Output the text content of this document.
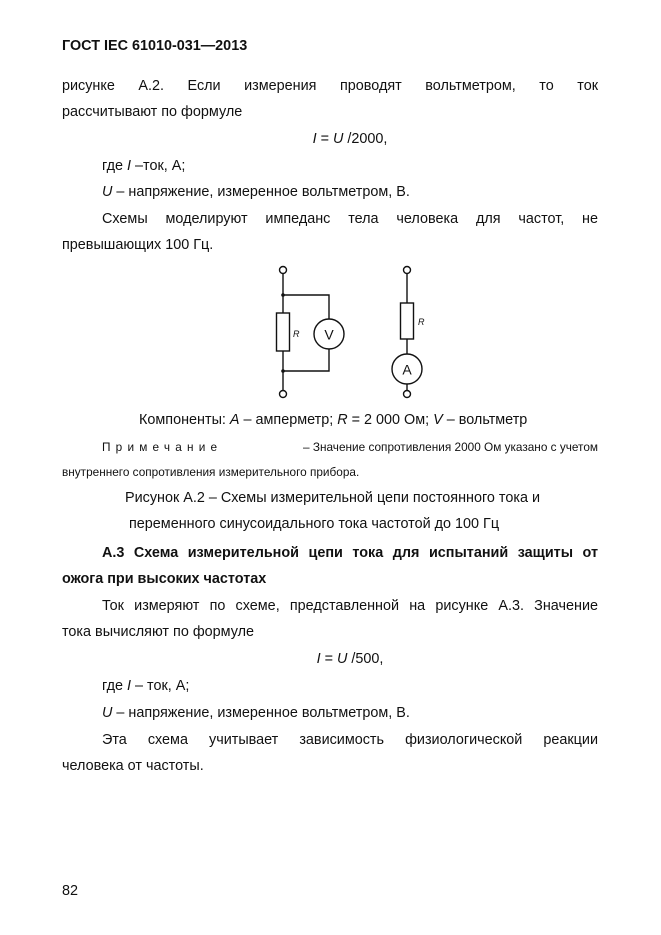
ГОСТ IEC 61010-031—2013
рисунке А.2. Если измерения проводят вольтметром, то ток
рассчитывают по формуле
I = U /2000,
где I –ток, А;
U – напряжение, измеренное вольтметром, В.
Схемы моделируют импеданс тела человека для частот, не
превышающих 100 Гц.
R V
R
A
Компоненты: А – амперметр; R = 2 000 Ом; V – вольтметр
Примечание	– Значение сопротивления 2000 Ом указано с учетом
внутреннего сопротивления измерительного прибора.
Рисунок А.2 – Схемы измерительной цепи постоянного тока и
переменного синусоидального тока частотой до 100 Гц
А.3 Схема измерительной цепи тока для испытаний защиты от
ожога при высоких частотах
Ток измеряют по схеме, представленной на рисунке А.3. Значение
тока вычисляют по формуле
I = U /500,
где I – ток, А;
U – напряжение, измеренное вольтметром, В.
Эта схема учитывает зависимость физиологической реакции
человека от частоты.
82
